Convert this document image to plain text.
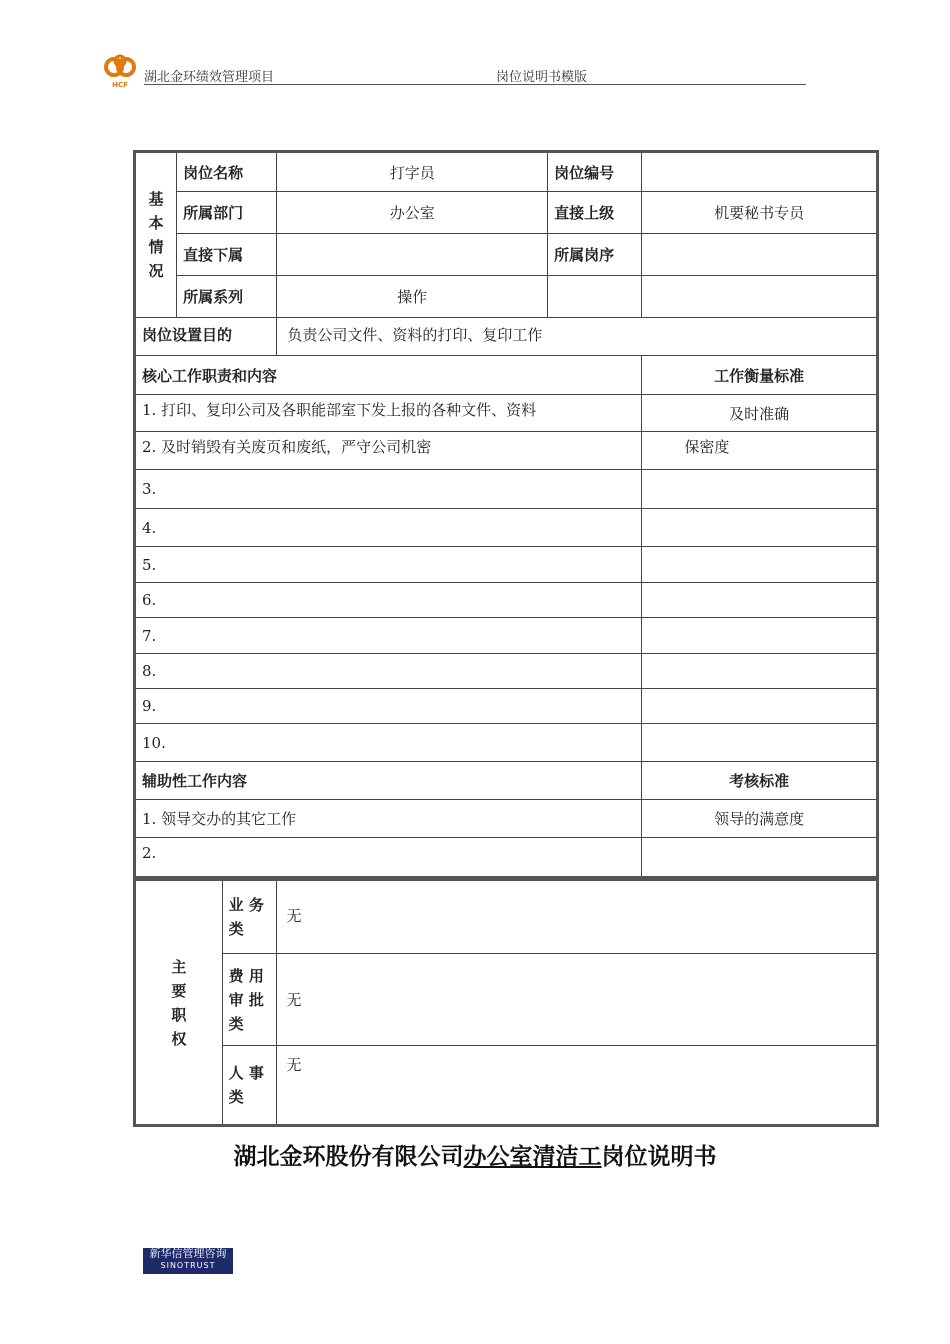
HCF 湖北金环绩效管理项目	岗位说明书模版
基本情况	岗位名称	打字员	岗位编号	
	所属部门	办公室	直接上级	机要秘书专员
	直接下属		所属岗序	
	所属系列	操作		
岗位设置目的		负责公司文件、资料的打印、复印工作		
核心工作职责和内容				工作衡量标准
1. 打印、复印公司及各职能部室下发上报的各种文件、资料				及时准确
2. 及时销毁有关废页和废纸，严守公司机密				保密度
3.				
4.				
5.				
6.				
7.				
8.				
9.				
10.				
辅助性工作内容				考核标准
1. 领导交办的其它工作				领导的满意度
2.				
主要职权	业 务 类	无
	费 用 审 批 类	无
	人 事 类	无
湖北金环股份有限公司办公室清洁工岗位说明书
新华信管理咨询
SINOTRUST
